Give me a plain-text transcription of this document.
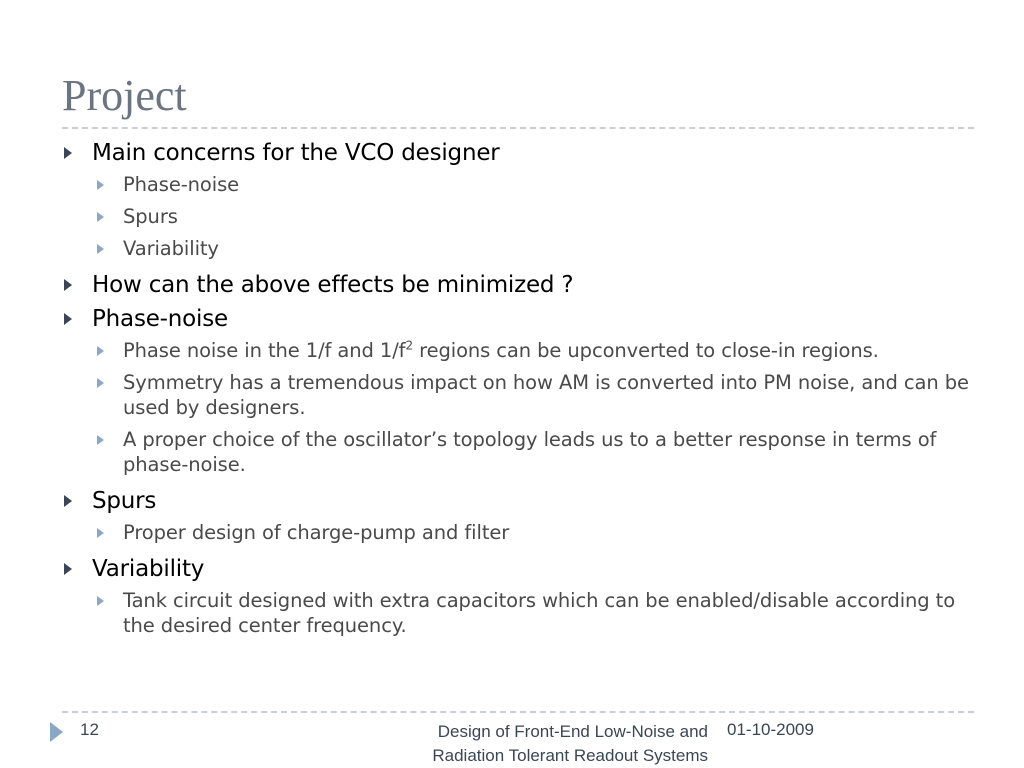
Project
Main concerns for the VCO designer
Phase-noise
Spurs
Variability
How can the above effects be minimized ?
Phase-noise
Phase noise in the 1/f and $1/f^2$ regions can be upconverted to close-in regions.
Symmetry has a tremendous impact on how AM is converted into PM noise, and can be used by designers.
A proper choice of the oscillator’s topology leads us to a better response in terms of phase-noise.
Spurs
Proper design of charge-pump and filter
Variability
Tank circuit designed with extra capacitors which can be enabled/disable according to the desired center frequency.
12	Design of Front-End Low-Noise and
Radiation Tolerant Readout Systems
01-10-2009
